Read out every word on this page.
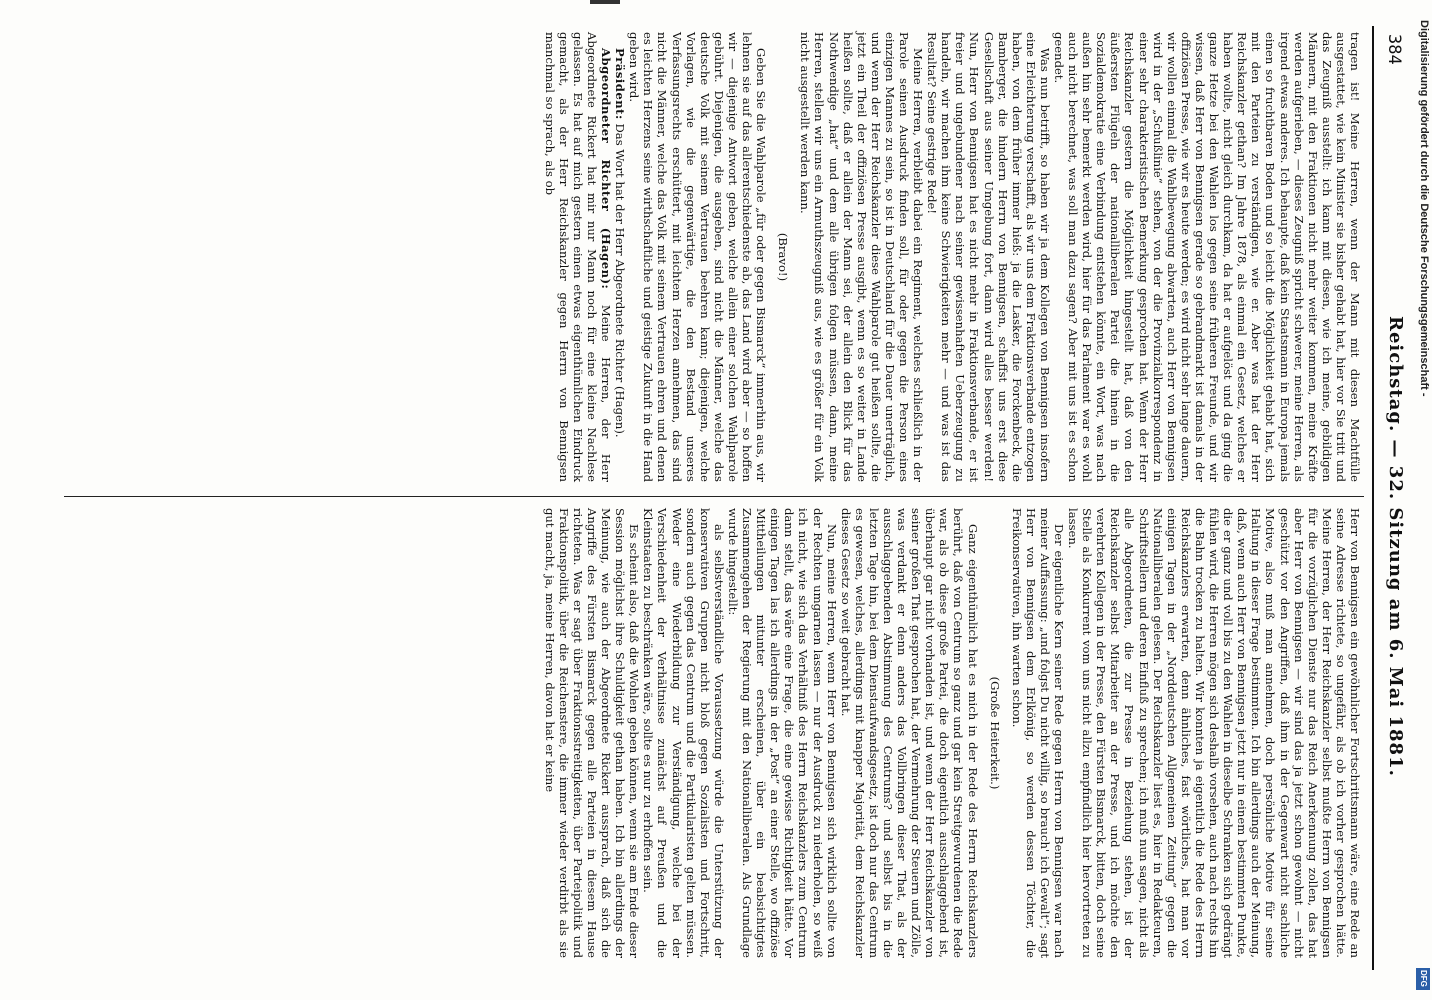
384
Reichstag. — 32. Sitzung am 6. Mai 1881.

tragen ist! Meine Herren, wenn der Mann mit diesen Machtfülle ausgestattet, wie kein Minister sie bisher gehabt hat, hier vor Sie tritt und das Zeugniß ausstellt: ich kann mit diesen, wie ich meine, gebildigen Männern, mit den Fraktionen nicht mehr weiter kommen, meine Kräfte werden aufgerieben, — dieses Zeugniß spricht schwerer, meine Herren, als irgend etwas anderes. Ich behaupte, daß kein Staatsmann in Europa jemals einen so fruchtbaren Boden und so leicht die Möglichkeit gehabt hat, sich mit den Parteien zu verständigen, wie er. Aber was hat der Herr Reichskanzler gethan? Im Jahre 1878, als einmal ein Gesetz, welches er haben wollte, nicht gleich durchkam, da hat er aufgelöst und da ging die ganze Hetze bei den Wahlen los gegen seine früheren Freunde, und wir wissen, daß Herr von Bennigsen gerade so gebrandmarkt ist damals in der offiziösen Presse, wie wir es heute werden; es wird nicht sehr lange dauern, wir wollen einmal die Wahlbewegung abwarten, auch Herr von Bennigsen wird in der „Schußlinie“ stehen, von der die Provinzialkorrespondenz in einer sehr charakteristischen Bemerkung gesprochen hat. Wenn der Herr Reichskanzler gestern die Möglichkeit hingestellt hat, daß von den äußersten Flügeln der nationalliberalen Partei die hinein in die Sozialdemokratie eine Verbindung entstehen könnte, ein Wort, was nach außen hin sehr bemerkt werden wird, hier für das Parlament war es wohl auch nicht berechnet, was soll man dazu sagen? Aber mit uns ist es schon geendet.

Was nun betrifft, so haben wir ja dem Kollegen von Bennigsen insofern eine Erleichterung verschafft, als wir uns dem Fraktionsverbande entzogen haben, von dem früher immer hieß: ja die Lasker, die Forckenbeck, die Bamberger, die hindern Herrn von Bennigsen, schaffst uns erst diese Gesellschaft aus seiner Umgebung fort, dann wird alles besser werden! Nun, Herr von Bennigsen hat es nicht mehr in Fraktionsverbande, er ist freier und ungebundener nach seiner gewissenhaften Ueberzeugung zu handeln, wir machen ihm keine Schwierigkeiten mehr — und was ist das Resultat? Seine gestrige Rede!

Meine Herren, verbleibt dabei ein Regiment, welches schließlich in der Parole seinen Ausdruck finden soll, für oder gegen die Person eines einzigen Mannes zu sein, so ist in Deutschland für die Dauer unerträglich, und wenn der Herr Reichskanzler diese Wahlparole gut heißen sollte, die jetzt ein Theil der offiziösen Presse ausgibt, wenn es so weiter in Lande heißen sollte, daß er allein der Mann sei, der allein den Blick für das Nothwendige „hat“ und dem alle übrigen folgen müssen, dann, meine Herren, stellen wir uns ein Armuthszeugniß aus, wie es größer für ein Volk nicht ausgestellt werden kann.

(Bravo!)

Geben Sie die Wahlparole „für oder gegen Bismarck“ immerhin aus, wir lehnen sie auf das allerentschiedenste ab, das Land wird aber — so hoffen wir — diejenige Antwort geben, welche allein einer solchen Wahlparole gebührt. Diejenigen, die ausgeben, sind nicht die Männer, welche das deutsche Volk mit seinem Vertrauen beehren kann; diejenigen, welche Vorlagen, wie die gegenwärtige, die den Bestand unseres Verfassungsrechts erschüttert, mit leichtem Herzen annehmen, das sind nicht die Männer, welche das Volk mit seinem Vertrauen ehren und denen es leichten Herzens seine wirthschaftliche und geistige Zukunft in die Hand geben wird.

Präsident: Das Wort hat der Herr Abgeordnete Richter (Hagen).

Abgeordneter Richter (Hagen): Meine Herren, der Herr Abgeordnete Rickert hat mir nur Mann noch für eine kleine Nachlese gelassen. Es hat auf mich gestern einen etwas eigenthümlichen Eindruck gemacht, als der Herr Reichskanzler gegen Herrn von Bennigsen manchmal so sprach, als ob

Herr von Bennigsen ein gewöhnlicher Fortschrittsmann wäre, eine Rede an seine Adresse richtete, so ungefähr, als ob ich vorher gesprochen hätte. Meine Herren, der Herr Reichskanzler selbst mußte Herrn von Bennigsen für die vorzüglichen Dienste nur das Reich Anerkennung zollen, das hat aber Herr von Bennigsen — wir sind das ja jetzt schon gewohnt — nicht geschützt vor den Angriffen, daß ihm in der Gegenwart nicht sachliche Motive, also muß man annehmen, doch persönliche Motive für seine Haltung in dieser Frage bestimmten. Ich bin allerdings auch der Meinung, daß, wenn auch Herr von Bennigsen jetzt nur in einem bestimmten Punkte, die er ganz und voll bis zu den Wahlen in dieselbe Schranken sich gedrängt fühlen wird, die Herren mögen sich deshalb vorsehen, auch nach rechts hin die Bahn trocken zu halten. Wir konnten ja eigentlich die Rede des Herrn Reichskanzlers erwarten, denn ähnliches, fast wörtliches, hat man vor einigen Tagen in der „Norddeutschen Allgemeinen Zeitung“ gegen die Nationalliberalen gelesen. Der Reichskanzler liest es, hier in Redakteuren, Schriftstellern und deren Einfluß zu sprechen; ich muß nun sagen, nicht als alle Abgeordneten, die zur Presse in Beziehung stehen, ist der Reichskanzler selbst Mitarbeiter an der Presse, und ich möchte den verehrten Kollegen in der Presse, den Fürsten Bismarck, bitten, doch seine Stelle als Konkurrent vom uns nicht allzu empfindlich hier hervortreten zu lassen.

Der eigentliche Kern seiner Rede gegen Herrn von Bennigsen war nach meiner Auffassung: „und folgst Du nicht willig, so brauch' ich Gewalt“; sagt Herr von Bennigsen dem Erlkönig, so werden dessen Töchter, die Freikonservativen, ihn warten schon.

(Große Heiterkeit.)

Ganz eigenthümlich hat es mich in der Rede des Herrn Reichskanzlers berührt, daß von Centrum so ganz und gar kein Streitgewurdenen die Rede war, als ob diese große Partei, die doch eigentlich ausschlaggebend ist, überhaupt gar nicht vorhanden ist, und wenn der Herr Reichskanzler von seiner großen That gesprochen hat, der Vermehrung der Steuern und Zölle, was verdankt er denn anders das Vollbringen dieser That, als der ausschlaggebenden Abstimmung des Centrums? und selbst bis in die letzten Tage hin, bei dem Dienstaufwandsgesetz, ist doch nur das Centrum es gewesen, welches, allerdings mit knapper Majorität, dem Reichskanzler dieses Gesetz so weit gebracht hat.

Nun, meine Herren, wenn Herr von Bennigsen sich wirklich sollte von der Rechten umgarnen lassen — nur der Ausdruck zu niederholen, so weiß ich nicht, wie sich das Verhältniß des Herrn Reichskanzlers zum Centrum dann stellt, das wäre eine Frage, die eine gewisse Richtigkeit hätte. Vor einigen Tagen las ich allerdings in der „Post“ an einer Stelle, wo offiziöse Mittheilungen mitunter erscheinen, über ein beabsichtigtes Zusammengehen der Regierung mit den Nationalliberalen. Als Grundlage wurde hingestellt:

als selbstverständliche Voraussetzung würde die Unterstützung der konservativen Gruppen nicht bloß gegen Sozialisten und Fortschritt, sondern auch gegen das Centrum und die Partikularisten gelten müssen. Weder eine Wiederbildung zur Verständigung, welche bei der Verschiedenheit der Verhältnisse zunächst auf Preußen und die Kleinstaaten zu beschränken wäre, sollte es nur zu erhoffen sein.

Es scheint also, daß die Wohlen geben können, wenn sie am Ende dieser Session möglichst ihre Schuldigkeit gethan haben. Ich bin allerdings der Meinung, wie auch der Abgeordnete Rickert aussprach, daß sich die Angriffe des Fürsten Bismarck gegen alle Parteien in diesem Hause richteten. Was er sagt über Fraktionsstreitigkeiten, über Parteipolitik und Fraktionspolitik, über die Reichenstere, die immer wieder verdirbt als sie gut macht, ja, meine Herren, davon hat er keine

Digitalisierung gefördert durch die Deutsche Forschungsgemeinschaft -
DFG
